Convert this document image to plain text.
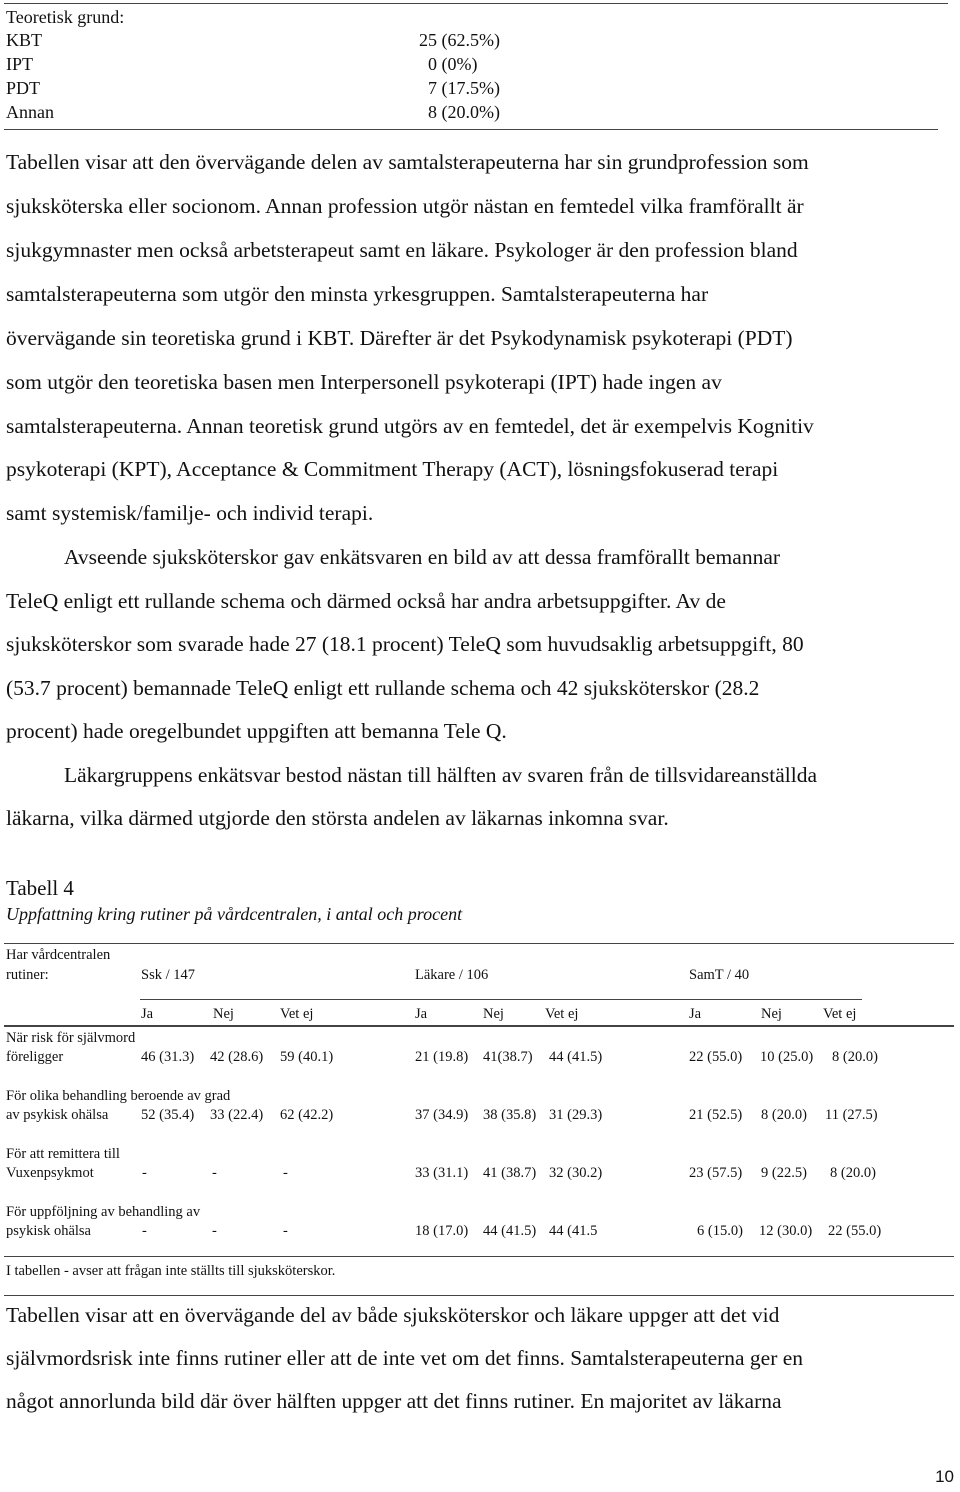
Teoretisk grund:
KBT	25 (62.5%)
IPT	0 (0%)
PDT	7 (17.5%)
Annan	8 (20.0%)
Tabellen visar att den övervägande delen av samtalsterapeuterna har sin grundprofession som
sjuksköterska eller socionom. Annan profession utgör nästan en femtedel vilka framförallt är
sjukgymnaster men också arbetsterapeut samt en läkare. Psykologer är den profession bland
samtalsterapeuterna som utgör den minsta yrkesgruppen. Samtalsterapeuterna har
övervägande sin teoretiska grund i KBT. Därefter är det Psykodynamisk psykoterapi (PDT)
som utgör den teoretiska basen men Interpersonell psykoterapi (IPT) hade ingen av
samtalsterapeuterna. Annan teoretisk grund utgörs av en femtedel, det är exempelvis Kognitiv
psykoterapi (KPT), Acceptance & Commitment Therapy (ACT), lösningsfokuserad terapi
samt systemisk/familje- och individ terapi.
Avseende sjuksköterskor gav enkätsvaren en bild av att dessa framförallt bemannar
TeleQ enligt ett rullande schema och därmed också har andra arbetsuppgifter. Av de
sjuksköterskor som svarade hade 27 (18.1 procent) TeleQ som huvudsaklig arbetsuppgift, 80
(53.7 procent) bemannade TeleQ enligt ett rullande schema och 42 sjuksköterskor (28.2
procent) hade oregelbundet uppgiften att bemanna Tele Q.
Läkargruppens enkätsvar bestod nästan till hälften av svaren från de tillsvidareanställda
läkarna, vilka därmed utgjorde den största andelen av läkarnas inkomna svar.
Tabell 4
Uppfattning kring rutiner på vårdcentralen, i antal och procent
Har vårdcentralen
rutiner:	Ssk / 147	Läkare / 106	SamT / 40
Ja	Nej	Vet ej	Ja	Nej	Vet ej	Ja	Nej	Vet ej
När risk för självmord
föreligger	46 (31.3) 42 (28.6) 59 (40.1)	21 (19.8) 41(38.7) 44 (41.5)	22 (55.0) 10 (25.0) 8 (20.0)
För olika behandling beroende av grad
av psykisk ohälsa 52 (35.4) 33 (22.4) 62 (42.2)	37 (34.9) 38 (35.8) 31 (29.3)	21 (52.5) 8 (20.0) 11 (27.5)
För att remittera till
Vuxenpsykmot	-	-	-	33 (31.1) 41 (38.7) 32 (30.2)	23 (57.5) 9 (22.5) 8 (20.0)
För uppföljning av behandling av
psykisk ohälsa	-	-	-	18 (17.0) 44 (41.5) 44 (41.5	6 (15.0) 12 (30.0) 22 (55.0)
I tabellen - avser att frågan inte ställts till sjuksköterskor.
Tabellen visar att en övervägande del av både sjuksköterskor och läkare uppger att det vid
självmordsrisk inte finns rutiner eller att de inte vet om det finns. Samtalsterapeuterna ger en
något annorlunda bild där över hälften uppger att det finns rutiner. En majoritet av läkarna
10
